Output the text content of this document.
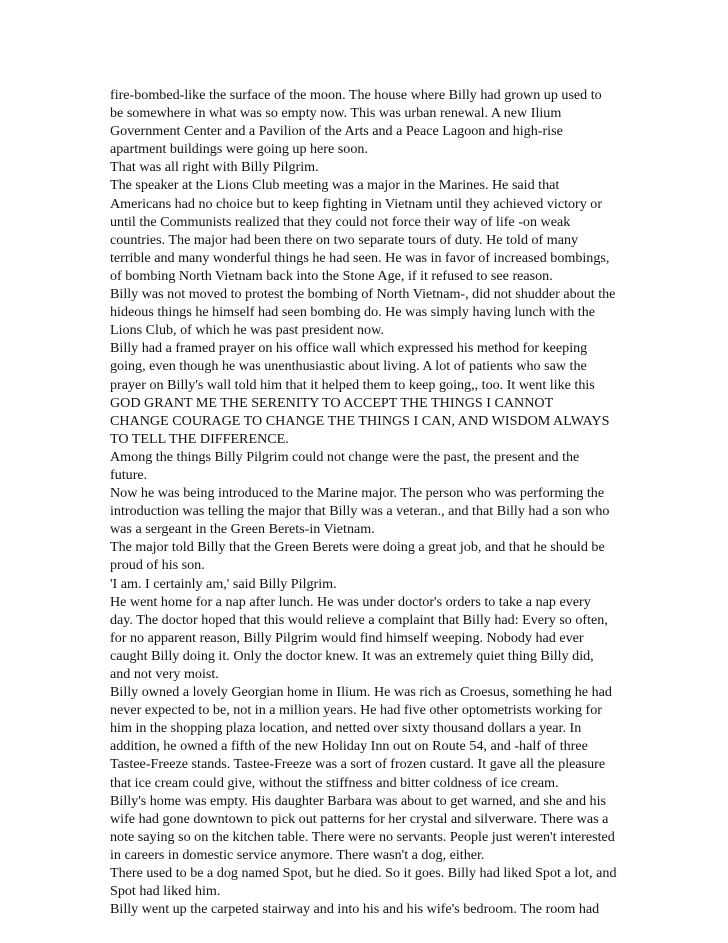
fire-bombed-like the surface of the moon. The house where Billy had grown up used to
be somewhere in what was so empty now. This was urban renewal. A new Ilium
Government Center and a Pavilion of the Arts and a Peace Lagoon and high-rise
apartment buildings were going up here soon.
That was all right with Billy Pilgrim.
The speaker at the Lions Club meeting was a major in the Marines. He said that
Americans had no choice but to keep fighting in Vietnam until they achieved victory or
until the Communists realized that they could not force their way of life -on weak
countries. The major had been there on two separate tours of duty. He told of many
terrible and many wonderful things he had seen. He was in favor of increased bombings,
of bombing North Vietnam back into the Stone Age, if it refused to see reason.
Billy was not moved to protest the bombing of North Vietnam-, did not shudder about the
hideous things he himself had seen bombing do. He was simply having lunch with the
Lions Club, of which he was past president now.
Billy had a framed prayer on his office wall which expressed his method for keeping
going, even though he was unenthusiastic about living. A lot of patients who saw the
prayer on Billy's wall told him that it helped them to keep going,, too. It went like this
GOD GRANT ME THE SERENITY TO ACCEPT THE THINGS I CANNOT
CHANGE COURAGE TO CHANGE THE THINGS I CAN, AND WISDOM ALWAYS
TO TELL THE DIFFERENCE.
Among the things Billy Pilgrim could not change were the past, the present and the
future.
Now he was being introduced to the Marine major. The person who was performing the
introduction was telling the major that Billy was a veteran., and that Billy had a son who
was a sergeant in the Green Berets-in Vietnam.
The major told Billy that the Green Berets were doing a great job, and that he should be
proud of his son.
'I am. I certainly am,' said Billy Pilgrim.
He went home for a nap after lunch. He was under doctor's orders to take a nap every
day. The doctor hoped that this would relieve a complaint that Billy had: Every so often,
for no apparent reason, Billy Pilgrim would find himself weeping. Nobody had ever
caught Billy doing it. Only the doctor knew. It was an extremely quiet thing Billy did,
and not very moist.
Billy owned a lovely Georgian home in Ilium. He was rich as Croesus, something he had
never expected to be, not in a million years. He had five other optometrists working for
him in the shopping plaza location, and netted over sixty thousand dollars a year. In
addition, he owned a fifth of the new Holiday Inn out on Route 54, and -half of three
Tastee-Freeze stands. Tastee-Freeze was a sort of frozen custard. It gave all the pleasure
that ice cream could give, without the stiffness and bitter coldness of ice cream.
Billy's home was empty. His daughter Barbara was about to get warned, and she and his
wife had gone downtown to pick out patterns for her crystal and silverware. There was a
note saying so on the kitchen table. There were no servants. People just weren't interested
in careers in domestic service anymore. There wasn't a dog, either.
There used to be a dog named Spot, but he died. So it goes. Billy had liked Spot a lot, and
Spot had liked him.
Billy went up the carpeted stairway and into his and his wife's bedroom. The room had
